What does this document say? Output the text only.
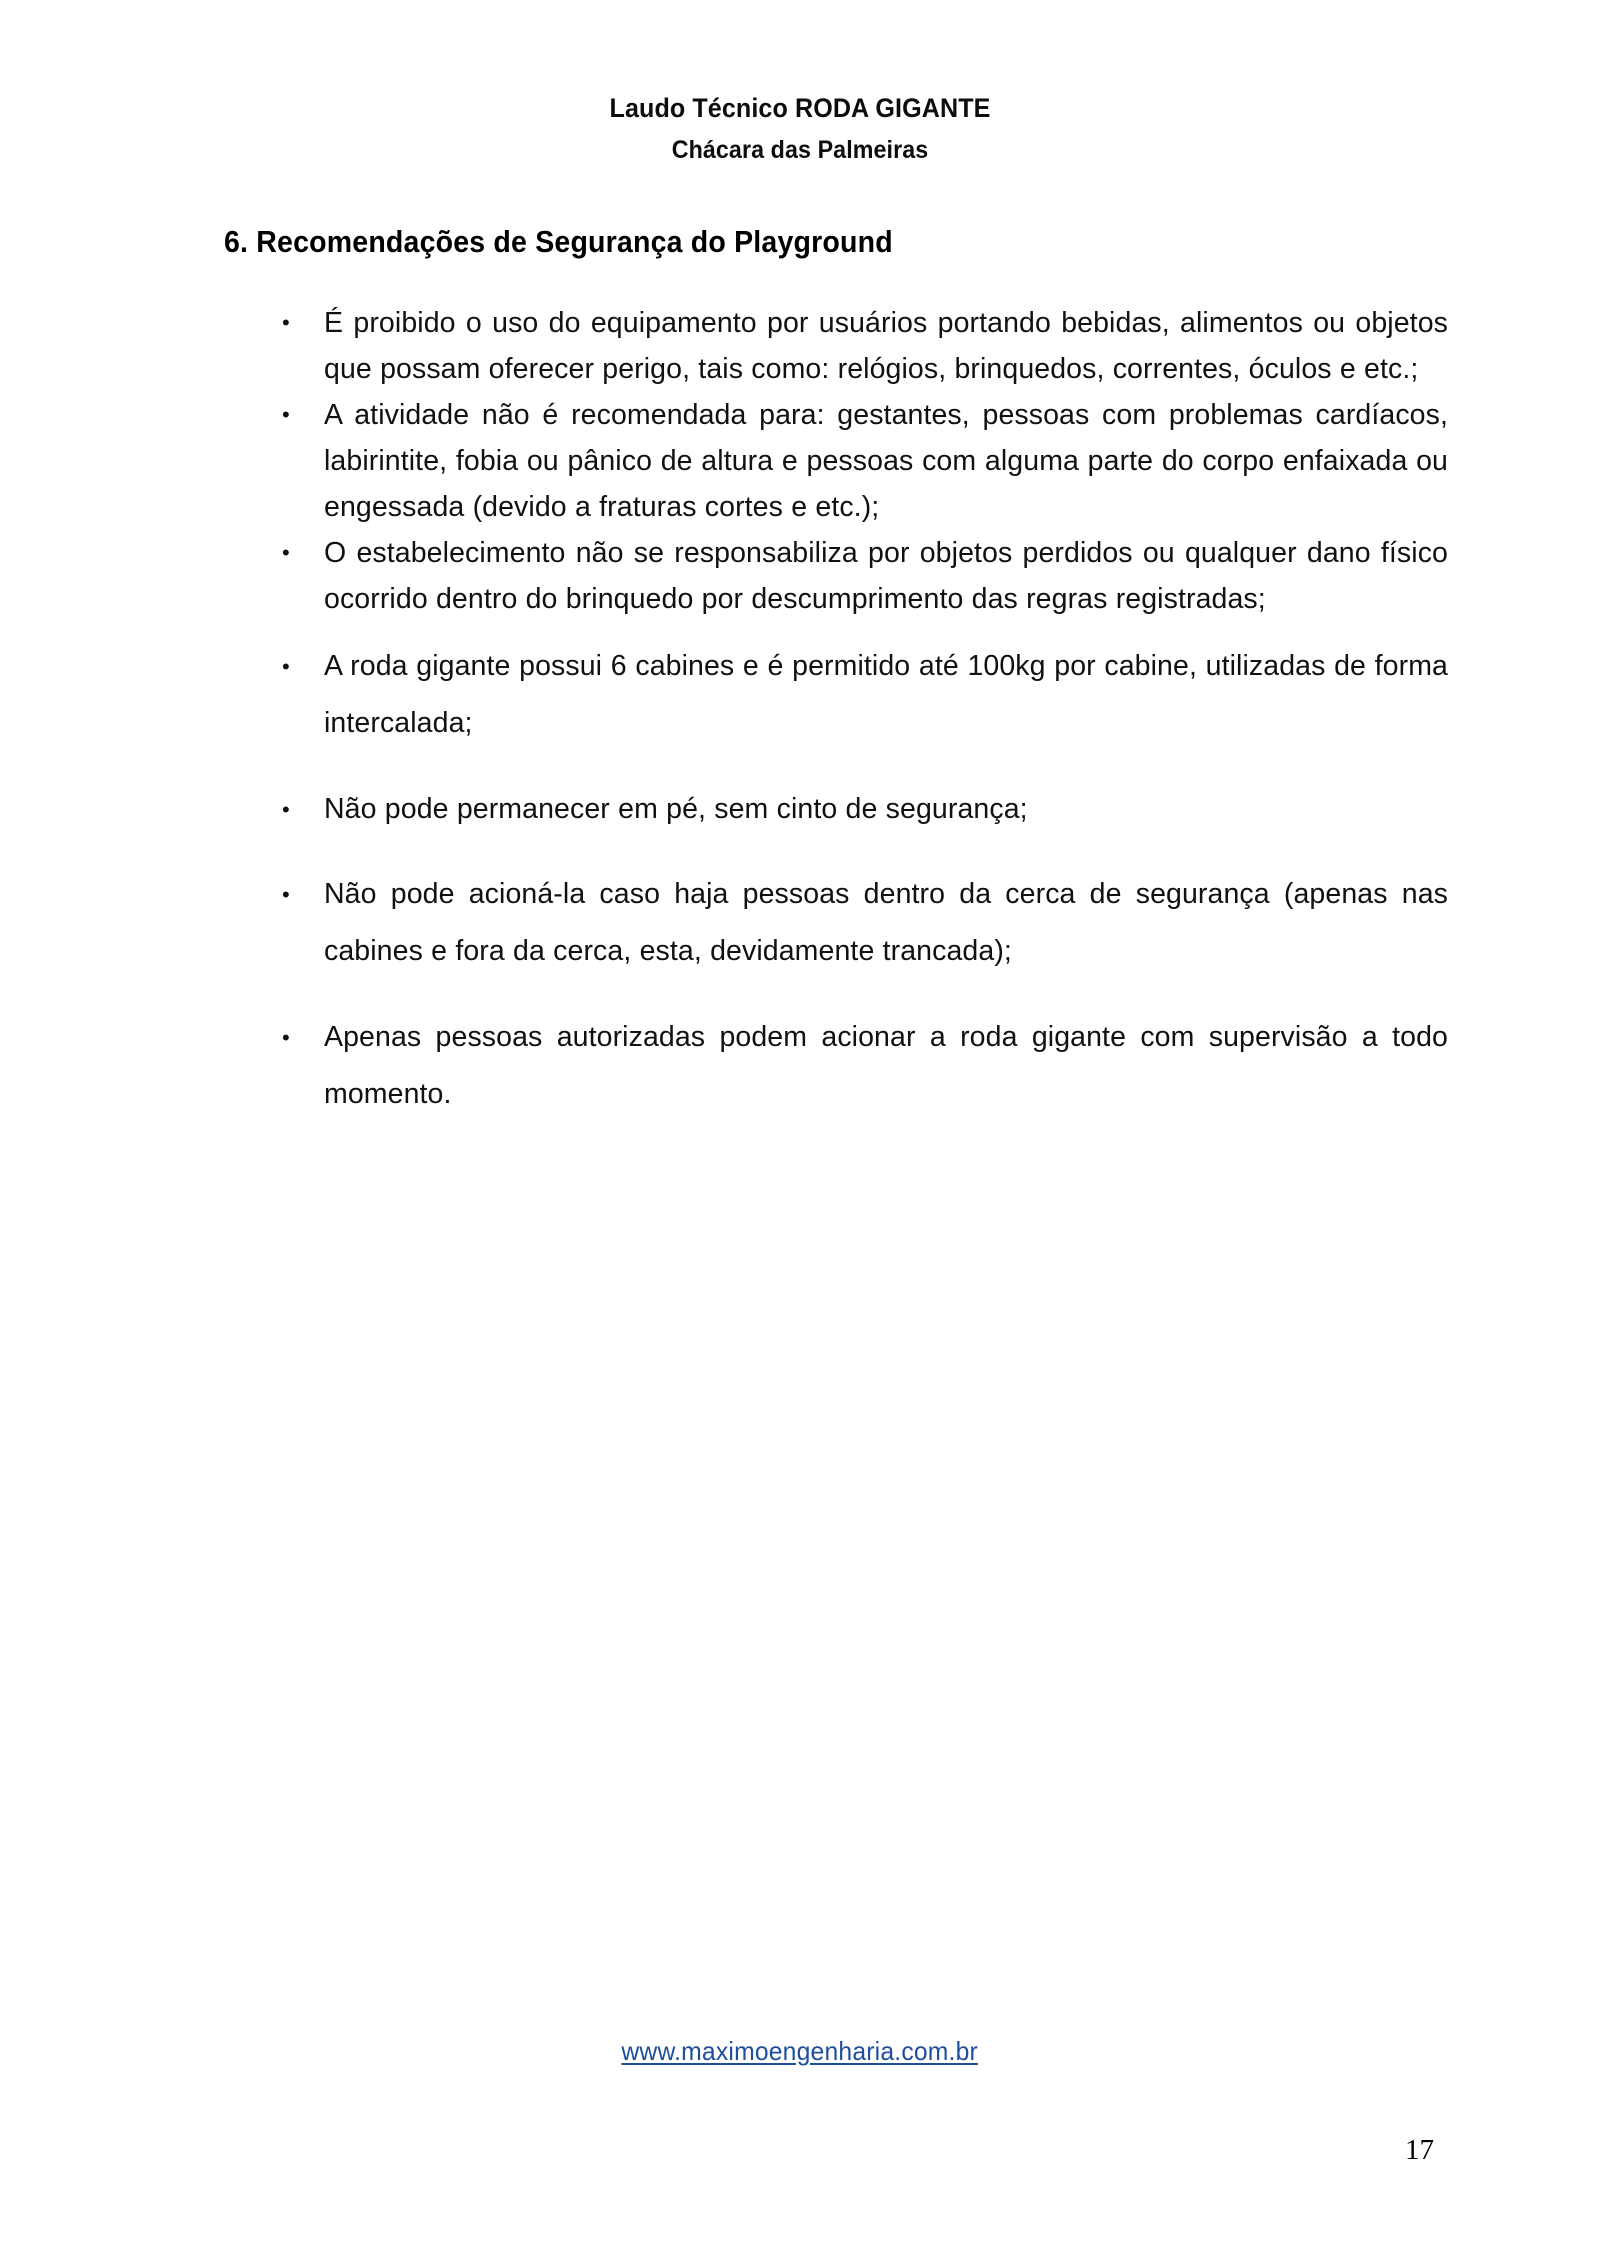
Laudo Técnico RODA GIGANTE
Chácara das Palmeiras
6. Recomendações de Segurança do Playground

• É proibido o uso do equipamento por usuários portando bebidas, alimentos ou objetos que possam oferecer perigo, tais como: relógios, brinquedos, correntes, óculos e etc.;

• A atividade não é recomendada para: gestantes, pessoas com problemas cardíacos, labirintite, fobia ou pânico de altura e pessoas com alguma parte do corpo enfaixada ou engessada (devido a fraturas cortes e etc.);

• O estabelecimento não se responsabiliza por objetos perdidos ou qualquer dano físico ocorrido dentro do brinquedo por descumprimento das regras registradas;

• A roda gigante possui 6 cabines e é permitido até 100kg por cabine, utilizadas de forma intercalada;

• Não pode permanecer em pé, sem cinto de segurança;

• Não pode acioná-la caso haja pessoas dentro da cerca de segurança (apenas nas cabines e fora da cerca, esta, devidamente trancada);

• Apenas pessoas autorizadas podem acionar a roda gigante com supervisão a todo momento.

www.maximoengenharia.com.br
17
